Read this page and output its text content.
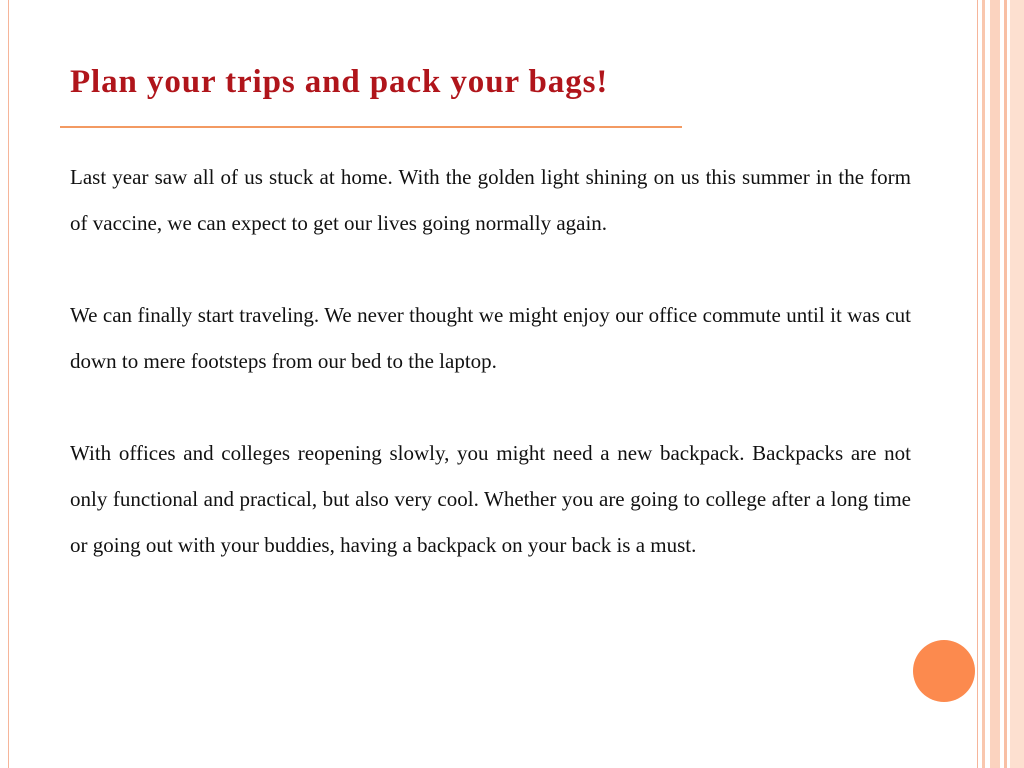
Plan your trips and pack your bags!

Last year saw all of us stuck at home. With the golden light shining on us this summer in the form of vaccine, we can expect to get our lives going normally again.

We can finally start traveling. We never thought we might enjoy our office commute until it was cut down to mere footsteps from our bed to the laptop.

With offices and colleges reopening slowly, you might need a new backpack. Backpacks are not only functional and practical, but also very cool. Whether you are going to college after a long time or going out with your buddies, having a backpack on your back is a must.
